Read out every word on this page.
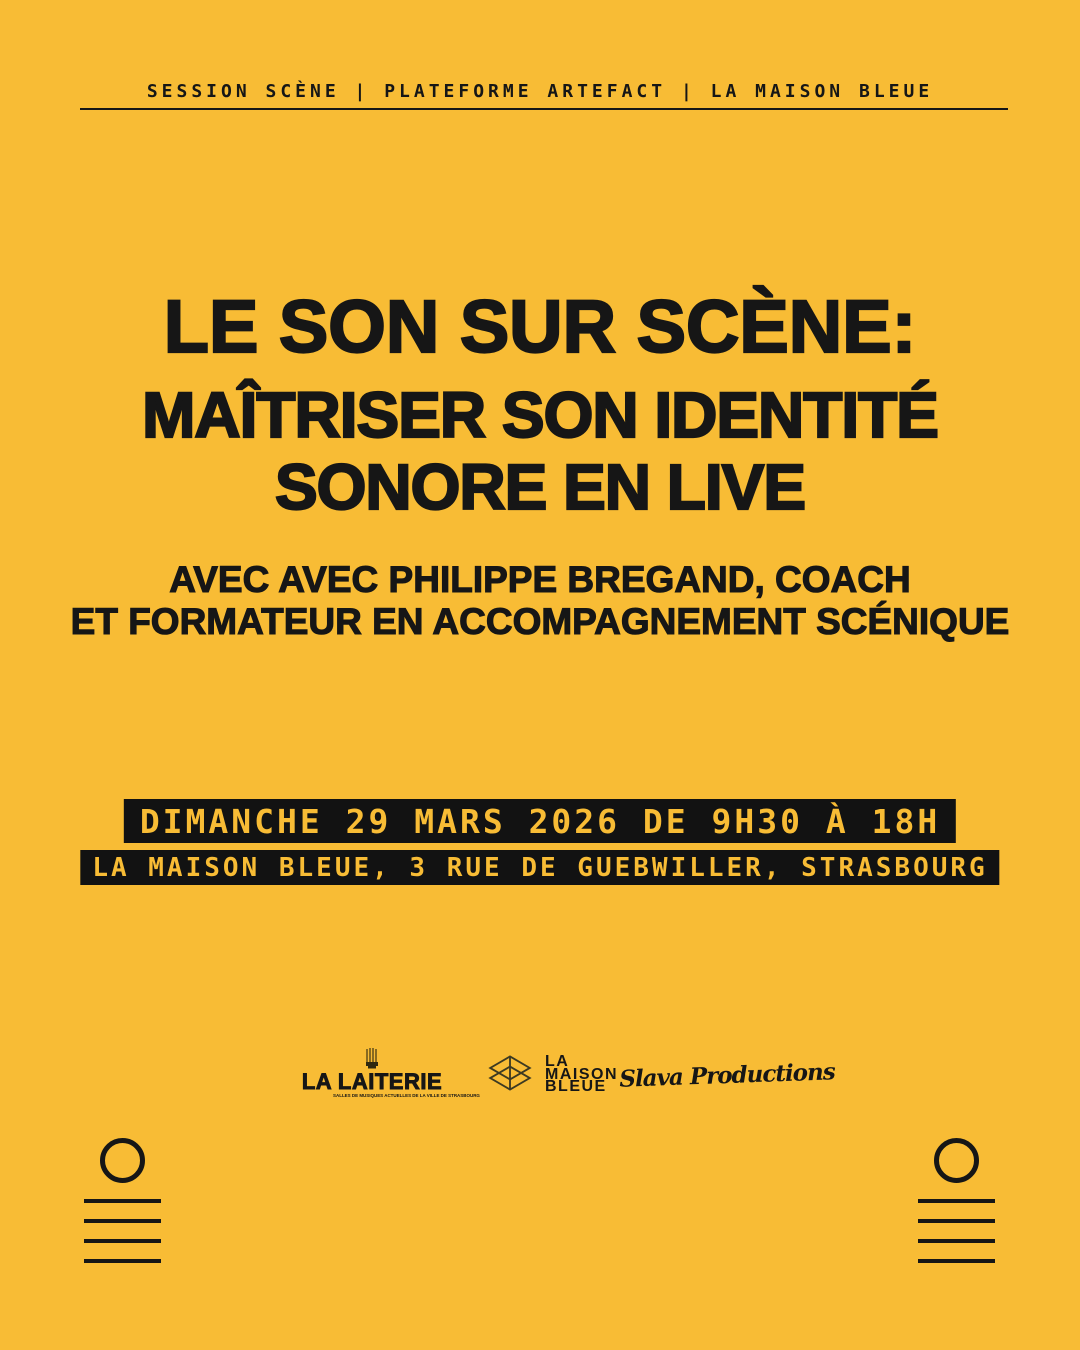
SESSION SCÈNE | PLATEFORME ARTEFACT | LA MAISON BLEUE
LE SON SUR SCÈNE:
MAÎTRISER SON IDENTITÉ
SONORE EN LIVE
AVEC AVEC PHILIPPE BREGAND, COACH
ET FORMATEUR EN ACCOMPAGNEMENT SCÉNIQUE
DIMANCHE 29 MARS 2026 DE 9H30 À 18H
LA MAISON BLEUE, 3 RUE DE GUEBWILLER, STRASBOURG
LA LAITERIE
SALLES DE MUSIQUES ACTUELLES DE LA VILLE DE STRASBOURG
LA
MAISON
BLEUE Slava Productions
